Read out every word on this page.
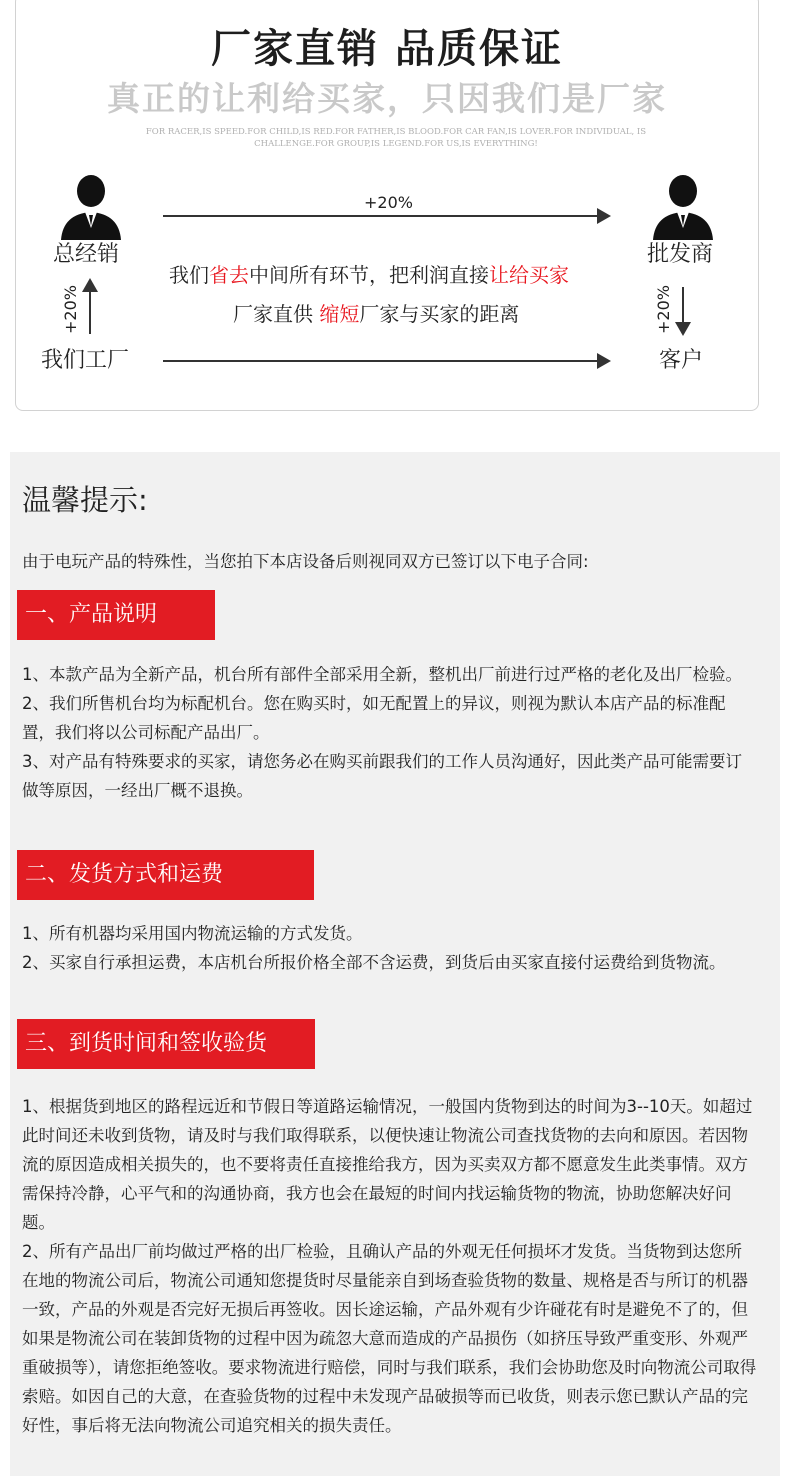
厂家直销 品质保证
真正的让利给买家，只因我们是厂家
FOR RACER,IS SPEED.FOR CHILD,IS RED.FOR FATHER,IS BLOOD.FOR CAR FAN,IS LOVER.FOR INDIVIDUAL, IS CHALLENGE.FOR GROUP,IS LEGEND.FOR US,IS EVERYTHING!
总经销	批发商
我们工厂	客户
+20%
+20%	+20%
我们省去中间所有环节，把利润直接让给买家
厂家直供 缩短厂家与买家的距离
温馨提示:
由于电玩产品的特殊性，当您拍下本店设备后则视同双方已签订以下电子合同:
一、产品说明

1、本款产品为全新产品，机台所有部件全部采用全新，整机出厂前进行过严格的老化及出厂检验。

2、我们所售机台均为标配机台。您在购买时，如无配置上的异议，则视为默认本店产品的标准配置，我们将以公司标配产品出厂。

3、对产品有特殊要求的买家，请您务必在购买前跟我们的工作人员沟通好，因此类产品可能需要订做等原因，一经出厂概不退换。

二、发货方式和运费

1、所有机器均采用国内物流运输的方式发货。

2、买家自行承担运费，本店机台所报价格全部不含运费，到货后由买家直接付运费给到货物流。

三、到货时间和签收验货

1、根据货到地区的路程远近和节假日等道路运输情况，一般国内货物到达的时间为3--10天。如超过此时间还未收到货物，请及时与我们取得联系，以便快速让物流公司查找货物的去向和原因。若因物流的原因造成相关损失的，也不要将责任直接推给我方，因为买卖双方都不愿意发生此类事情。双方需保持冷静，心平气和的沟通协商，我方也会在最短的时间内找运输货物的物流，协助您解决好问题。

2、所有产品出厂前均做过严格的出厂检验，且确认产品的外观无任何损坏才发货。当货物到达您所在地的物流公司后，物流公司通知您提货时尽量能亲自到场查验货物的数量、规格是否与所订的机器一致，产品的外观是否完好无损后再签收。因长途运输，产品外观有少许碰花有时是避免不了的，但如果是物流公司在装卸货物的过程中因为疏忽大意而造成的产品损伤（如挤压导致严重变形、外观严重破损等），请您拒绝签收。要求物流进行赔偿，同时与我们联系，我们会协助您及时向物流公司取得索赔。如因自己的大意，在查验货物的过程中未发现产品破损等而已收货，则表示您已默认产品的完好性，事后将无法向物流公司追究相关的损失责任。
